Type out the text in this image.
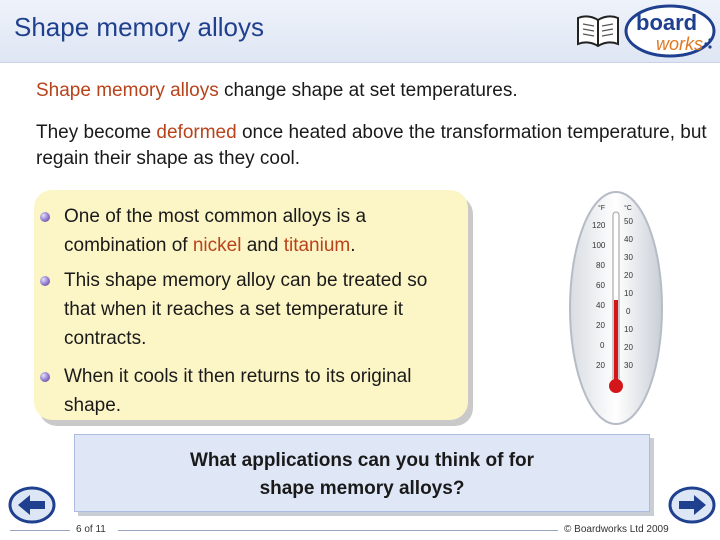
Shape memory alloys	board
works
Shape memory alloys change shape at set temperatures.
They become deformed once heated above the transformation temperature, but regain their shape as they cool.
One of the most common alloys is a combination of nickel and titanium.
This shape memory alloy can be treated so that when it reaches a set temperature it contracts.
When it cools it then returns to its original shape.
°F	°C
120
100
80
60
40
20
0
20
50
40
30
20
10
0
10
20
30
What applications can you think of for
shape memory alloys?
6 of 11	© Boardworks Ltd 2009
